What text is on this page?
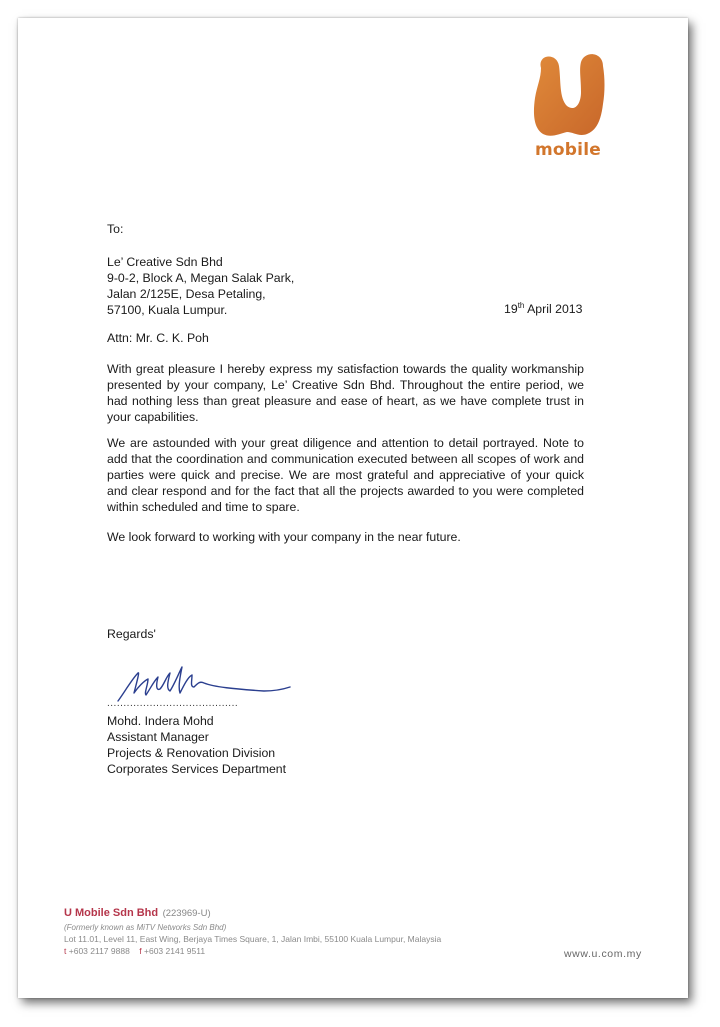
mobile
To:
Le’ Creative Sdn Bhd
9-0-2, Block A, Megan Salak Park,
Jalan 2/125E, Desa Petaling,
57100, Kuala Lumpur.	19th April 2013
Attn: Mr. C. K. Poh
With great pleasure I hereby express my satisfaction towards the quality workmanship presented by your company, Le’ Creative Sdn Bhd. Throughout the entire period, we had nothing less than great pleasure and ease of heart, as we have complete trust in your capabilities.
We are astounded with your great diligence and attention to detail portrayed. Note to add that the coordination and communication executed between all scopes of work and parties were quick and precise. We are most grateful and appreciative of your quick and clear respond and for the fact that all the projects awarded to you were completed within scheduled and time to spare.
We look forward to working with your company in the near future.
Regards'
........................................
Mohd. Indera Mohd
Assistant Manager
Projects & Renovation Division
Corporates Services Department
U Mobile Sdn Bhd (223969-U)
(Formerly known as MiTV Networks Sdn Bhd)
Lot 11.01, Level 11, East Wing, Berjaya Times Square, 1, Jalan Imbi, 55100 Kuala Lumpur, Malaysia
t +603 2117 9888 f +603 2141 9511	www.u.com.my
